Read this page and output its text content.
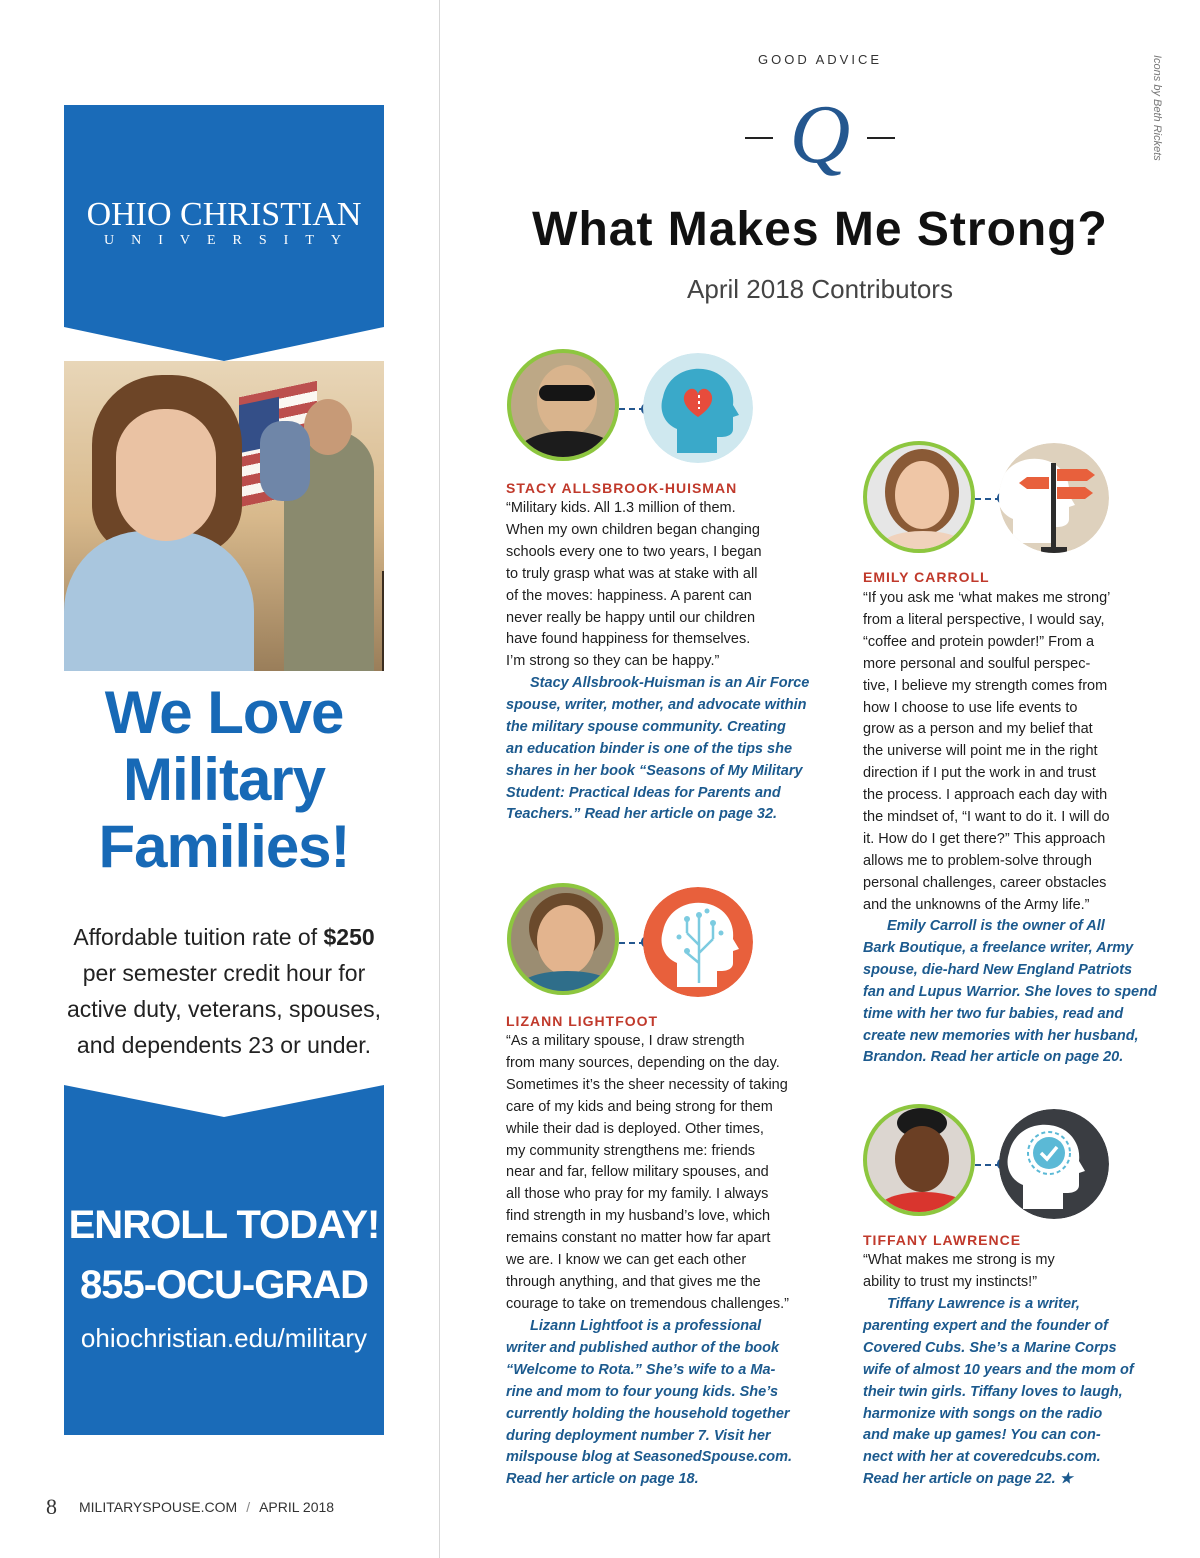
OHIO CHRISTIAN
UNIVERSITY
We Love
Military
Families!
Affordable tuition rate of $250
per semester credit hour for
active duty, veterans, spouses,
and dependents 23 or under.
ENROLL TODAY!
855-OCU-GRAD
ohiochristian.edu/military
8 MILITARYSPOUSE.COM / APRIL 2018
Icons by Beth Rickets
GOOD ADVICE
Q
What Makes Me Strong?
April 2018 Contributors
STACY ALLSBROOK-HUISMAN
“Military kids. All 1.3 million of them.
When my own children began changing
schools every one to two years, I began
to truly grasp what was at stake with all
of the moves: happiness. A parent can
never really be happy until our children
have found happiness for themselves.
I’m strong so they can be happy.”
Stacy Allsbrook-Huisman is an Air Force
spouse, writer, mother, and advocate within
the military spouse community. Creating
an education binder is one of the tips she
shares in her book “Seasons of My Military
Student: Practical Ideas for Parents and
Teachers.” Read her article on page 32.
LIZANN LIGHTFOOT
“As a military spouse, I draw strength
from many sources, depending on the day.
Sometimes it’s the sheer necessity of taking
care of my kids and being strong for them
while their dad is deployed. Other times,
my community strengthens me: friends
near and far, fellow military spouses, and
all those who pray for my family. I always
find strength in my husband’s love, which
remains constant no matter how far apart
we are. I know we can get each other
through anything, and that gives me the
courage to take on tremendous challenges.”
Lizann Lightfoot is a professional
writer and published author of the book
“Welcome to Rota.” She’s wife to a Ma-
rine and mom to four young kids. She’s
currently holding the household together
during deployment number 7. Visit her
milspouse blog at SeasonedSpouse.com.
Read her article on page 18.
EMILY CARROLL
“If you ask me ‘what makes me strong’
from a literal perspective, I would say,
“coffee and protein powder!” From a
more personal and soulful perspec-
tive, I believe my strength comes from
how I choose to use life events to
grow as a person and my belief that
the universe will point me in the right
direction if I put the work in and trust
the process. I approach each day with
the mindset of, “I want to do it. I will do
it. How do I get there?” This approach
allows me to problem-solve through
personal challenges, career obstacles
and the unknowns of the Army life.”
Emily Carroll is the owner of All
Bark Boutique, a freelance writer, Army
spouse, die-hard New England Patriots
fan and Lupus Warrior. She loves to spend
time with her two fur babies, read and
create new memories with her husband,
Brandon. Read her article on page 20.
TIFFANY LAWRENCE
“What makes me strong is my
ability to trust my instincts!”
Tiffany Lawrence is a writer,
parenting expert and the founder of
Covered Cubs. She’s a Marine Corps
wife of almost 10 years and the mom of
their twin girls. Tiffany loves to laugh,
harmonize with songs on the radio
and make up games! You can con-
nect with her at coveredcubs.com.
Read her article on page 22. ★
